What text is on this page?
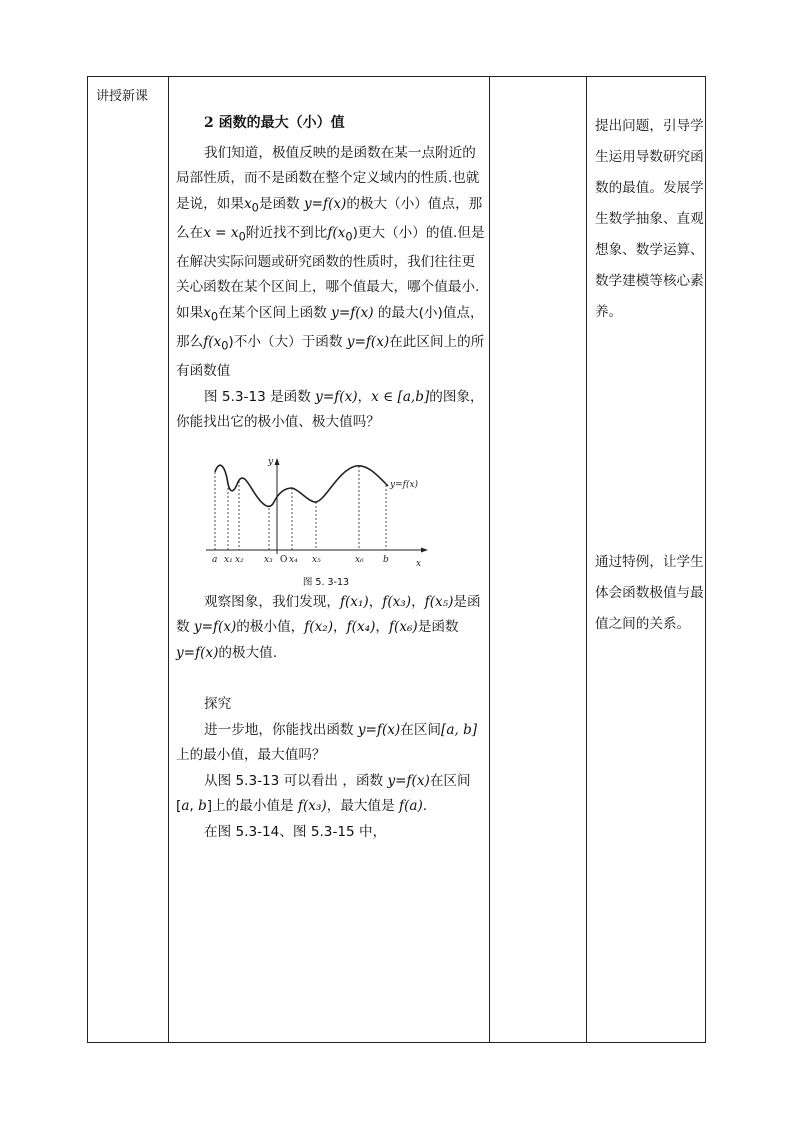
讲授新课

2 函数的最大（小）值

我们知道，极值反映的是函数在某一点附近的局部性质，而不是函数在整个定义域内的性质.也就是说，如果$x_0$是函数 y=f(x)的极大（小）值点，那么在$x = x_0$附近找不到比$f(x_0)$更大（小）的值.但是在解决实际问题或研究函数的性质时，我们往往更关心函数在某个区间上，哪个值最大，哪个值最小.如果$x_0$在某个区间上函数 y=f(x) 的最大(小)值点，那么$f(x_0)$不小（大）于函数 y=f(x)在此区间上的所有函数值

图 5.3-13 是函数 y=f(x)，x ∈ [a,b]的图象，你能找出它的极小值、极大值吗？

y
x
O
y=f(x)
a x₁ x₂ x₃ x₄ x₅	x₆ b

图 5. 3-13

观察图象，我们发现，f(x₁)，f(x₃)，f(x₅)是函数 y=f(x)的极小值，f(x₂)，f(x₄)，f(x₆)是函数 y=f(x)的极大值.

探究

进一步地，你能找出函数 y=f(x)在区间[a, b]上的最小值，最大值吗？

从图 5.3-13 可以看出 ，函数 y=f(x)在区间[a, b]上的最小值是 f(x₃)，最大值是 f(a).

在图 5.3-14、图 5.3-15 中，

提出问题，引导学生运用导数研究函数的最值。发展学生数学抽象、直观想象、数学运算、数学建模等核心素养。
通过特例，让学生体会函数极值与最值之间的关系。
